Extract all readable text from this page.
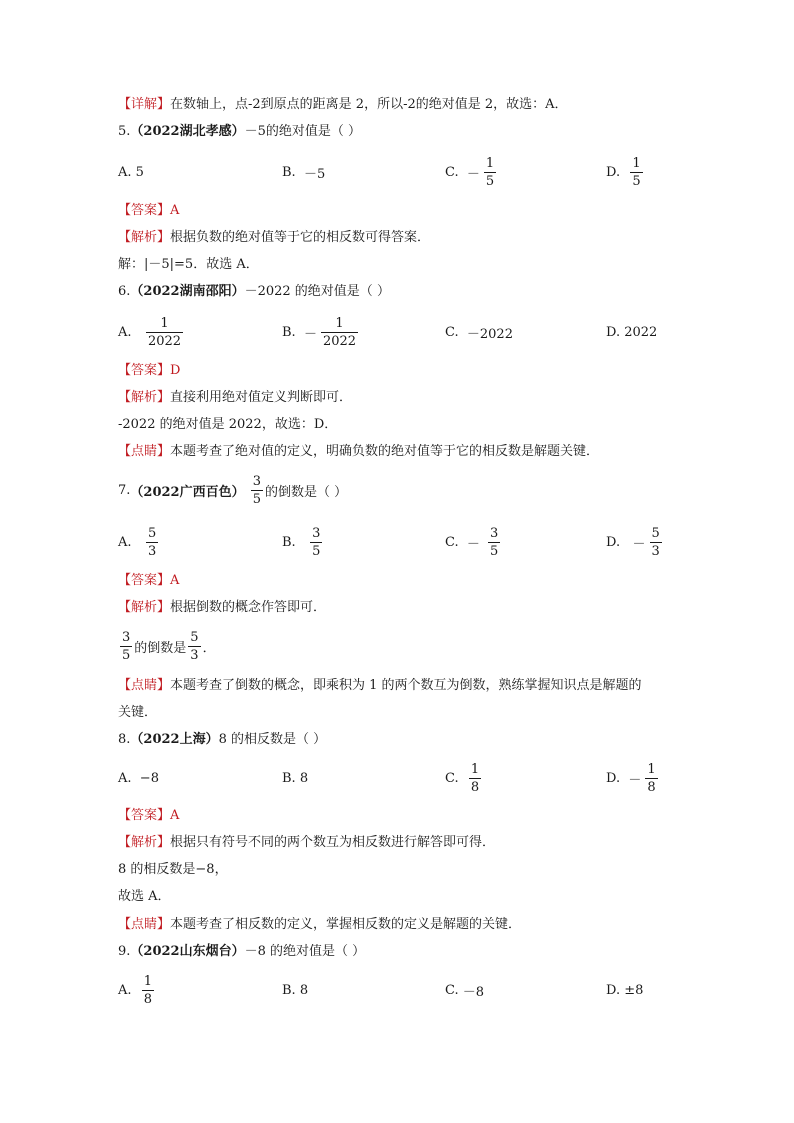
【详解】在数轴上，点-2到原点的距离是 2，所以-2的绝对值是 2，故选：A．
5.（2022湖北孝感）－5的绝对值是（ ）
A.
5	B.
－5	C.
－ $\frac{1}{5}$	D.
$\frac{1}{5}$
【答案】A
【解析】根据负数的绝对值等于它的相反数可得答案．
解：|－5|=5．故选 A．
6.（2022湖南邵阳）－2022 的绝对值是（ ）
A.
$\frac{1}{2022}$	B.
－ $\frac{1}{2022}$	C.
－2022	D.
2022
【答案】D
【解析】直接利用绝对值定义判断即可．
-2022 的绝对值是 2022，故选：D．
【点睛】本题考查了绝对值的定义，明确负数的绝对值等于它的相反数是解题关键．
7. （2022广西百色）
$\frac{3}{5}$ 的倒数是（ ）
A.
$\frac{5}{3}$	B.
$\frac{3}{5}$	C.
－
$\frac{3}{5}$	D.
－ $\frac{5}{3}$
【答案】A
【解析】根据倒数的概念作答即可．
$\frac{3}{5}$ 的倒数是 $\frac{5}{3}$ ．
【点睛】本题考查了倒数的概念，即乘积为 1 的两个数互为倒数，熟练掌握知识点是解题的
关键．
8.（2022上海）8 的相反数是（ ）
A.
−8	B.
8	C.
$\frac{1}{8}$	D.
－ $\frac{1}{8}$
【答案】A
【解析】根据只有符号不同的两个数互为相反数进行解答即可得．
8 的相反数是−8，
故选 A．
【点睛】本题考查了相反数的定义，掌握相反数的定义是解题的关键．
9.（2022山东烟台）－8 的绝对值是（ ）
A.
$\frac{1}{8}$	B.
8	C.
－8	D.
±8
